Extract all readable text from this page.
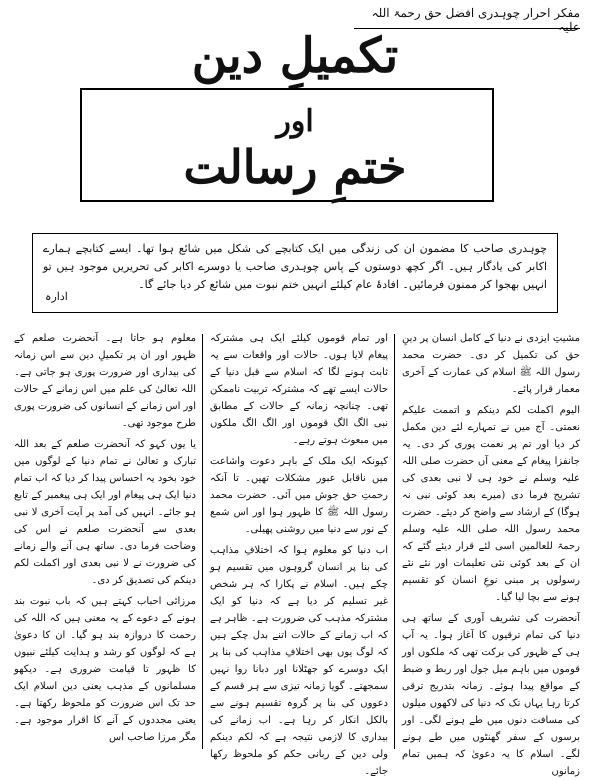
مفکر احرار چوہدری افضل حق رحمۃ اللہ علیہ
تکمیلِ دین
اور
ختمِ رسالت
چوہدری صاحب کا مضمون ان کی زندگی میں ایک کتابچے کی شکل میں شائع ہوا تھا۔ ایسے کتابچے ہمارے اکابر کی یادگار ہیں۔ اگر کچھ دوستوں کے پاس چوہدری صاحب یا دوسرے اکابر کی تحریریں موجود ہیں تو انہیں بھجوا کر ممنون فرمائیں۔ افادۂ عام کیلئے انہیں ختم نبوت میں شائع کر دیا جائے گا۔
ادارہ

مشیتِ ایزدی نے دنیا کے کامل انسان پر دینِ حق کی تکمیل کر دی۔ حضرت محمد رسول اللہ ﷺ اسلام کی عمارت کے آخری معمار قرار پائے۔

الیوم اکملت لکم دینکم و اتممت علیکم نعمتی۔ آج میں نے تمہارے لئے دین مکمل کر دیا اور تم پر نعمت پوری کر دی۔ یہ جانفزا پیغام کے معنی آں حضرت صلی اللہ علیہ وسلم نے خود ہی لا نبی بعدی کی تشریح فرما دی (میرے بعد کوئی نبی نہ ہوگا) کے ارشاد سے واضح کر دیئے۔ حضرت محمد رسول اللہ صلی اللہ علیہ وسلم رحمۃ للعالمین اسی لئے قرار دیئے گئے کہ ان کے بعد کوئی نئی تعلیمات اور نئے نئے رسولوں پر مبنی نوعِ انسان کو تقسیم ہونے سے بچا لیا گیا۔

آنحضرت کی تشریف آوری کے ساتھ ہی دنیا کی تمام ترقیوں کا آغاز ہوا۔ یہ آپ ہی کے ظہور کی برکت تھی کہ ملکوں اور قوموں میں باہم میل جول اور ربط و ضبط کے مواقع پیدا ہوئے۔ زمانہ بتدریج ترقی کرتا رہا یہاں تک کہ دنیا کی لاکھوں میلوں کی مسافت دنوں میں طے ہونے لگی۔ اور برسوں کے سفر گھنٹوں میں طے ہونے لگے۔ اسلام کا یہ دعویٰ کہ ہمیں تمام زمانوں

اور تمام قوموں کیلئے ایک ہی مشترکہ پیغام لایا ہوں۔ حالات اور واقعات سے یہ ثابت ہونے لگا کہ اسلام سے قبل دنیا کے حالات ایسے تھے کہ مشترکہ تربیت ناممکن تھی۔ چنانچہ زمانہ کے حالات کے مطابق نبی الگ الگ قوموں اور الگ الگ ملکوں میں مبعوث ہوتے رہے۔

کیونکہ ایک ملک کے باہر دعوت واشاعت میں ناقابل عبور مشکلات تھیں۔ تا آنکہ رحمتِ حق جوش میں آئی۔ حضرت محمد رسول اللہ ﷺ کا ظہور ہوا اور اس شمع کے نور سے دنیا میں روشنی پھیلی۔

اب دنیا کو معلوم ہوا کہ اختلافِ مذاہب کی بنا پر انسان گروہوں میں تقسیم ہو چکے ہیں۔ اسلام نے پکارا کہ ہر شخص غیر تسلیم کر دیا ہے کہ دنیا کو ایک مشترکہ مذہب کی ضرورت ہے۔ ظاہر ہے کہ اب زمانے کے حالات اتنے بدل چکے ہیں کہ لوگ یوں بھی اختلافِ مذاہب کی بنا پر ایک دوسرے کو جھٹلانا اور دبانا روا نہیں سمجھتے۔ گویا زمانہ تیزی سے ہر قسم کے دعووں کی بنا پر گروہ تقسیم ہونے سے بالکل انکار کر رہا ہے۔ اب زمانے کی بیداری کا لازمی نتیجہ ہے کہ لکم دینکم ولی دین کے ربانی حکم کو ملحوظ رکھا جائے۔

معلوم ہو جاتا ہے۔ آنحضرت صلعم کے ظہور اور ان پر تکمیلِ دین سے اس زمانہ کی بیداری اور ضرورت پوری ہو جاتی ہے۔ اللہ تعالیٰ کی علم میں اس زمانے کے حالات اور اس زمانے کے انسانوں کی ضرورت پوری طرح موجود تھی۔

یا یوں کہو کہ آنحضرت صلعم کے بعد اللہ تبارک و تعالیٰ نے تمام دنیا کے لوگوں میں خود بخود یہ احساس پیدا کر دیا کہ اب تمام دنیا ایک ہی پیغام اور ایک ہی پیغمبر کے تابع ہو جائے۔ انہیں کی آمد پر آیت آخری لا نبی بعدی سے آنحضرت صلعم نے اس کی وضاحت فرما دی۔ ساتھ ہی آنے والے زمانے کی ضرورت نے لا نبی بعدی اور اکملت لکم دینکم کی تصدیق کر دی۔

مرزائی احباب کہتے ہیں کہ باب نبوت بند ہونے کے دعوے کے یہ معنی ہیں کہ اللہ کی رحمت کا دروازہ بند ہو گیا۔ ان کا دعویٰ ہے کہ لوگوں کو رشد و ہدایت کیلئے نبیوں کا ظہور تا قیامت ضروری ہے۔ دیکھو مسلمانوں کے مذہب یعنی دین اسلام ایک حد تک اس ضرورت کو ملحوظ رکھتا ہے۔ یعنی مجددوں کے آنے کا اقرار موجود ہے۔ مگر مرزا صاحب اس
